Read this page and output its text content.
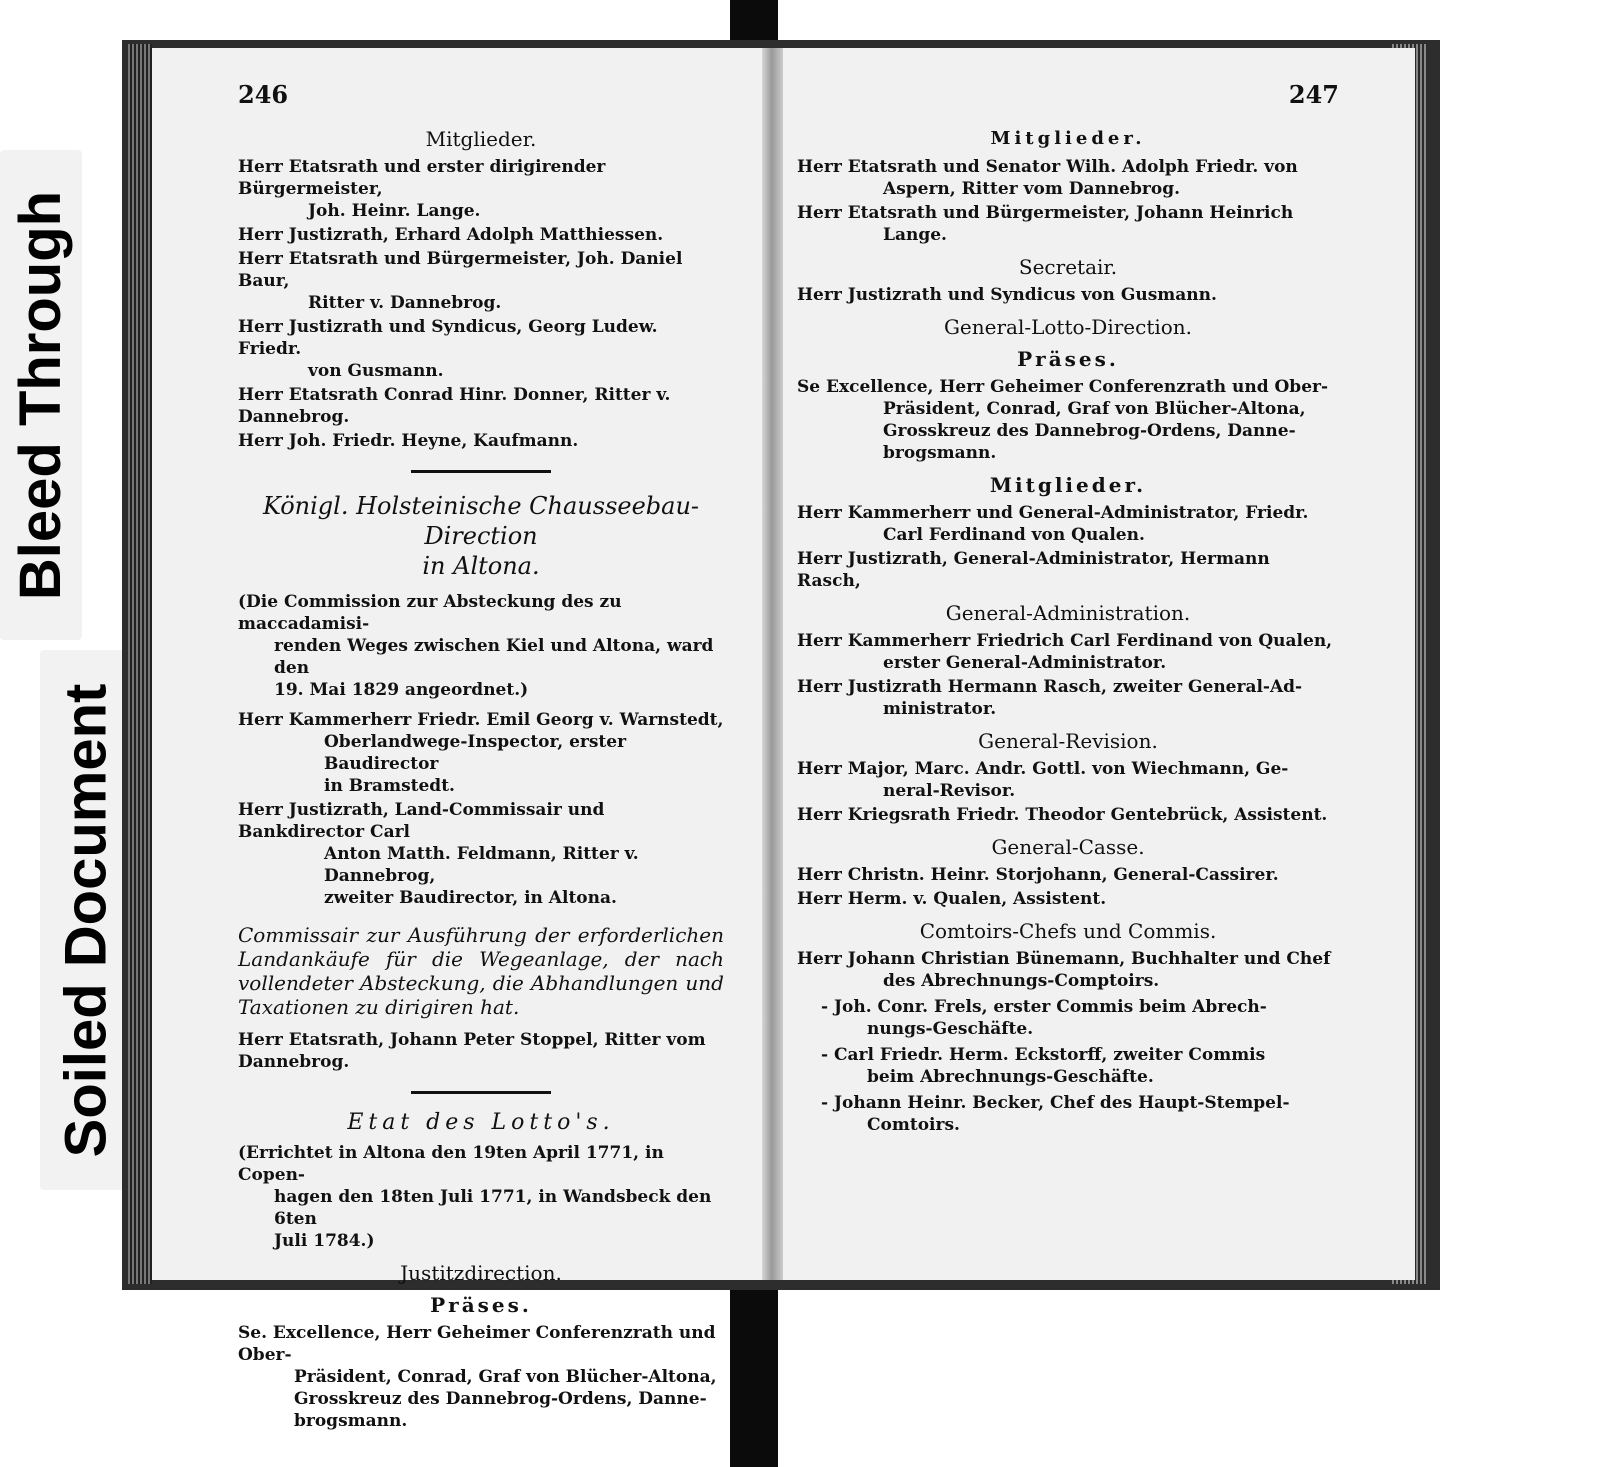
Bleed Through
Soiled Document
246
Mitglieder.
Herr Etatsrath und erster dirigirender Bürgermeister,
Joh. Heinr. Lange.
Herr Justizrath, Erhard Adolph Matthiessen.
Herr Etatsrath und Bürgermeister, Joh. Daniel Baur,
Ritter v. Dannebrog.
Herr Justizrath und Syndicus, Georg Ludew. Friedr.
von Gusmann.
Herr Etatsrath Conrad Hinr. Donner, Ritter v. Dannebrog.
Herr Joh. Friedr. Heyne, Kaufmann.
Königl. Holsteinische Chausseebau-Direction
in Altona.
(Die Commission zur Absteckung des zu maccadamisi-
renden Weges zwischen Kiel und Altona, ward den
19. Mai 1829 angeordnet.)
Herr Kammerherr Friedr. Emil Georg v. Warnstedt,
Oberlandwege-Inspector, erster Baudirector
in Bramstedt.
Herr Justizrath, Land-Commissair und Bankdirector Carl
Anton Matth. Feldmann, Ritter v. Dannebrog,
zweiter Baudirector, in Altona.
Commissair zur Ausführung der erforderlichen Landankäufe für die Wegeanlage, der nach vollendeter Absteckung, die Abhandlungen und Taxationen zu dirigiren hat.
Herr Etatsrath, Johann Peter Stoppel, Ritter vom
Dannebrog.
Etat des Lotto's.
(Errichtet in Altona den 19ten April 1771, in Copen-
hagen den 18ten Juli 1771, in Wandsbeck den 6ten
Juli 1784.)
Justitzdirection.
Präses.
Se. Excellence, Herr Geheimer Conferenzrath und Ober-
Präsident, Conrad, Graf von Blücher-Altona,
Grosskreuz des Dannebrog-Ordens, Danne-
brogsmann.
247
Mitglieder.
Herr Etatsrath und Senator Wilh. Adolph Friedr. von
Aspern, Ritter vom Dannebrog.
Herr Etatsrath und Bürgermeister, Johann Heinrich
Lange.
Secretair.
Herr Justizrath und Syndicus von Gusmann.
General-Lotto-Direction.
Präses.
Se Excellence, Herr Geheimer Conferenzrath und Ober-
Präsident, Conrad, Graf von Blücher-Altona,
Grosskreuz des Dannebrog-Ordens, Danne-
brogsmann.
Mitglieder.
Herr Kammerherr und General-Administrator, Friedr.
Carl Ferdinand von Qualen.
Herr Justizrath, General-Administrator, Hermann Rasch,
General-Administration.
Herr Kammerherr Friedrich Carl Ferdinand von Qualen,
erster General-Administrator.
Herr Justizrath Hermann Rasch, zweiter General-Ad-
ministrator.
General-Revision.
Herr Major, Marc. Andr. Gottl. von Wiechmann, Ge-
neral-Revisor.
Herr Kriegsrath Friedr. Theodor Gentebrück, Assistent.
General-Casse.
Herr Christn. Heinr. Storjohann, General-Cassirer.
Herr Herm. v. Qualen, Assistent.
Comtoirs-Chefs und Commis.
Herr Johann Christian Bünemann, Buchhalter und Chef
des Abrechnungs-Comptoirs.
- Joh. Conr. Frels, erster Commis beim Abrech-
nungs-Geschäfte.
- Carl Friedr. Herm. Eckstorff, zweiter Commis
beim Abrechnungs-Geschäfte.
- Johann Heinr. Becker, Chef des Haupt-Stempel-
Comtoirs.
